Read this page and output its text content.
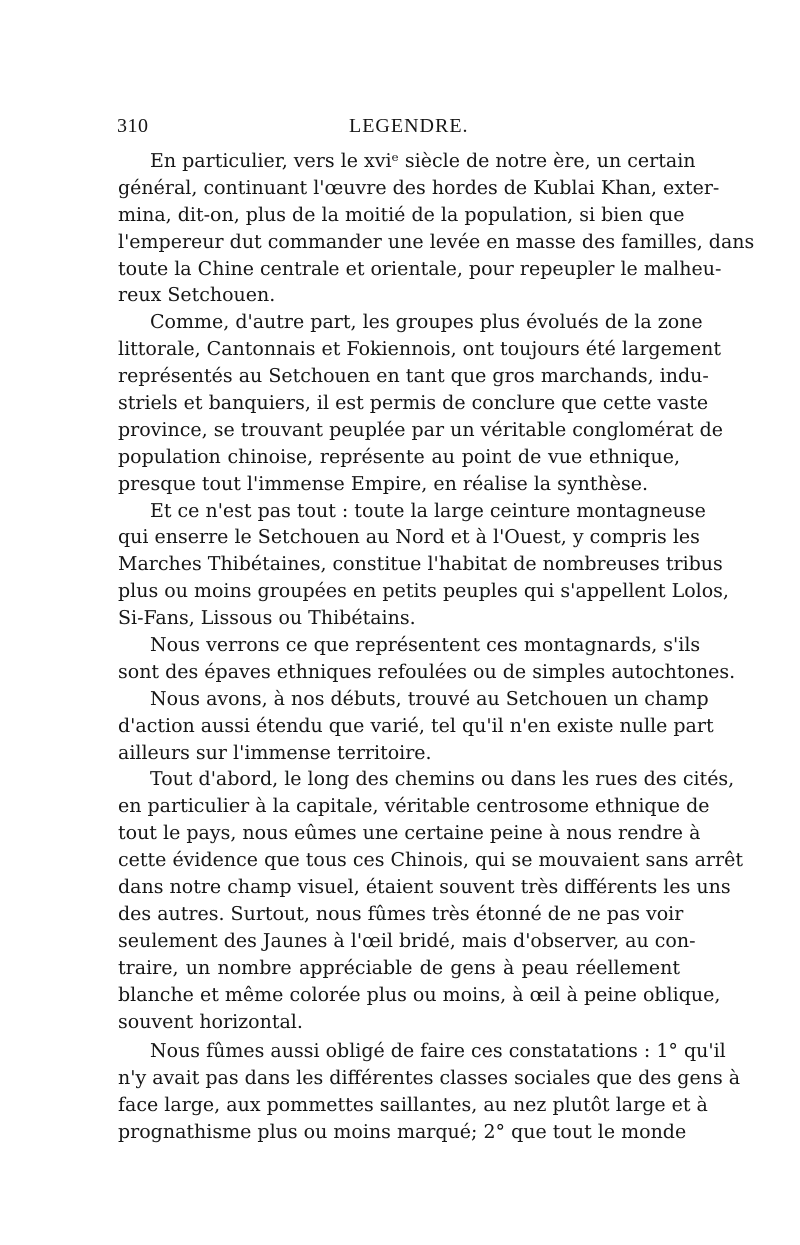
310	LEGENDRE.
En particulier, vers le xviᵉ siècle de notre ère, un certain
général, continuant l'œuvre des hordes de Kublai Khan, exter-
mina, dit-on, plus de la moitié de la population, si bien que
l'empereur dut commander une levée en masse des familles, dans
toute la Chine centrale et orientale, pour repeupler le malheu-
reux Setchouen.
Comme, d'autre part, les groupes plus évolués de la zone
littorale, Cantonnais et Fokiennois, ont toujours été largement
représentés au Setchouen en tant que gros marchands, indu-
striels et banquiers, il est permis de conclure que cette vaste
province, se trouvant peuplée par un véritable conglomérat de
population chinoise, représente au point de vue ethnique,
presque tout l'immense Empire, en réalise la synthèse.
Et ce n'est pas tout : toute la large ceinture montagneuse
qui enserre le Setchouen au Nord et à l'Ouest, y compris les
Marches Thibétaines, constitue l'habitat de nombreuses tribus
plus ou moins groupées en petits peuples qui s'appellent Lolos,
Si-Fans, Lissous ou Thibétains.
Nous verrons ce que représentent ces montagnards, s'ils
sont des épaves ethniques refoulées ou de simples autochtones.
Nous avons, à nos débuts, trouvé au Setchouen un champ
d'action aussi étendu que varié, tel qu'il n'en existe nulle part
ailleurs sur l'immense territoire.
Tout d'abord, le long des chemins ou dans les rues des cités,
en particulier à la capitale, véritable centrosome ethnique de
tout le pays, nous eûmes une certaine peine à nous rendre à
cette évidence que tous ces Chinois, qui se mouvaient sans arrêt
dans notre champ visuel, étaient souvent très différents les uns
des autres. Surtout, nous fûmes très étonné de ne pas voir
seulement des Jaunes à l'œil bridé, mais d'observer, au con-
traire, un nombre appréciable de gens à peau réellement
blanche et même colorée plus ou moins, à œil à peine oblique,
souvent horizontal.
Nous fûmes aussi obligé de faire ces constatations : 1° qu'il
n'y avait pas dans les différentes classes sociales que des gens à
face large, aux pommettes saillantes, au nez plutôt large et à
prognathisme plus ou moins marqué; 2° que tout le monde
